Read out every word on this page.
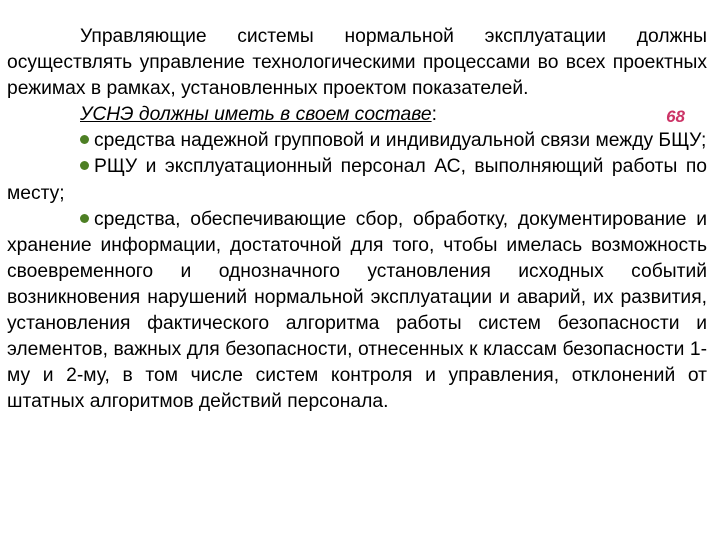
Управляющие системы нормальной эксплуатации должны осуществлять управление технологическими процессами во всех проектных режимах в рамках, установленных проектом показателей.

УСНЭ должны иметь в своем составе:	68

средства надежной групповой и индивидуальной связи между БЩУ;

РЩУ и эксплуатационный персонал АС, выполняющий работы по месту;

средства, обеспечивающие сбор, обработку, документирование и хранение информации, достаточной для того, чтобы имелась возможность своевременного и однозначного установления исходных событий возникновения нарушений нормальной эксплуатации и аварий, их развития, установления фактического алгоритма работы систем безопасности и элементов, важных для безопасности, отнесенных к классам безопасности 1-му и 2-му, в том числе систем контроля и управления, отклонений от штатных алгоритмов действий персонала.
